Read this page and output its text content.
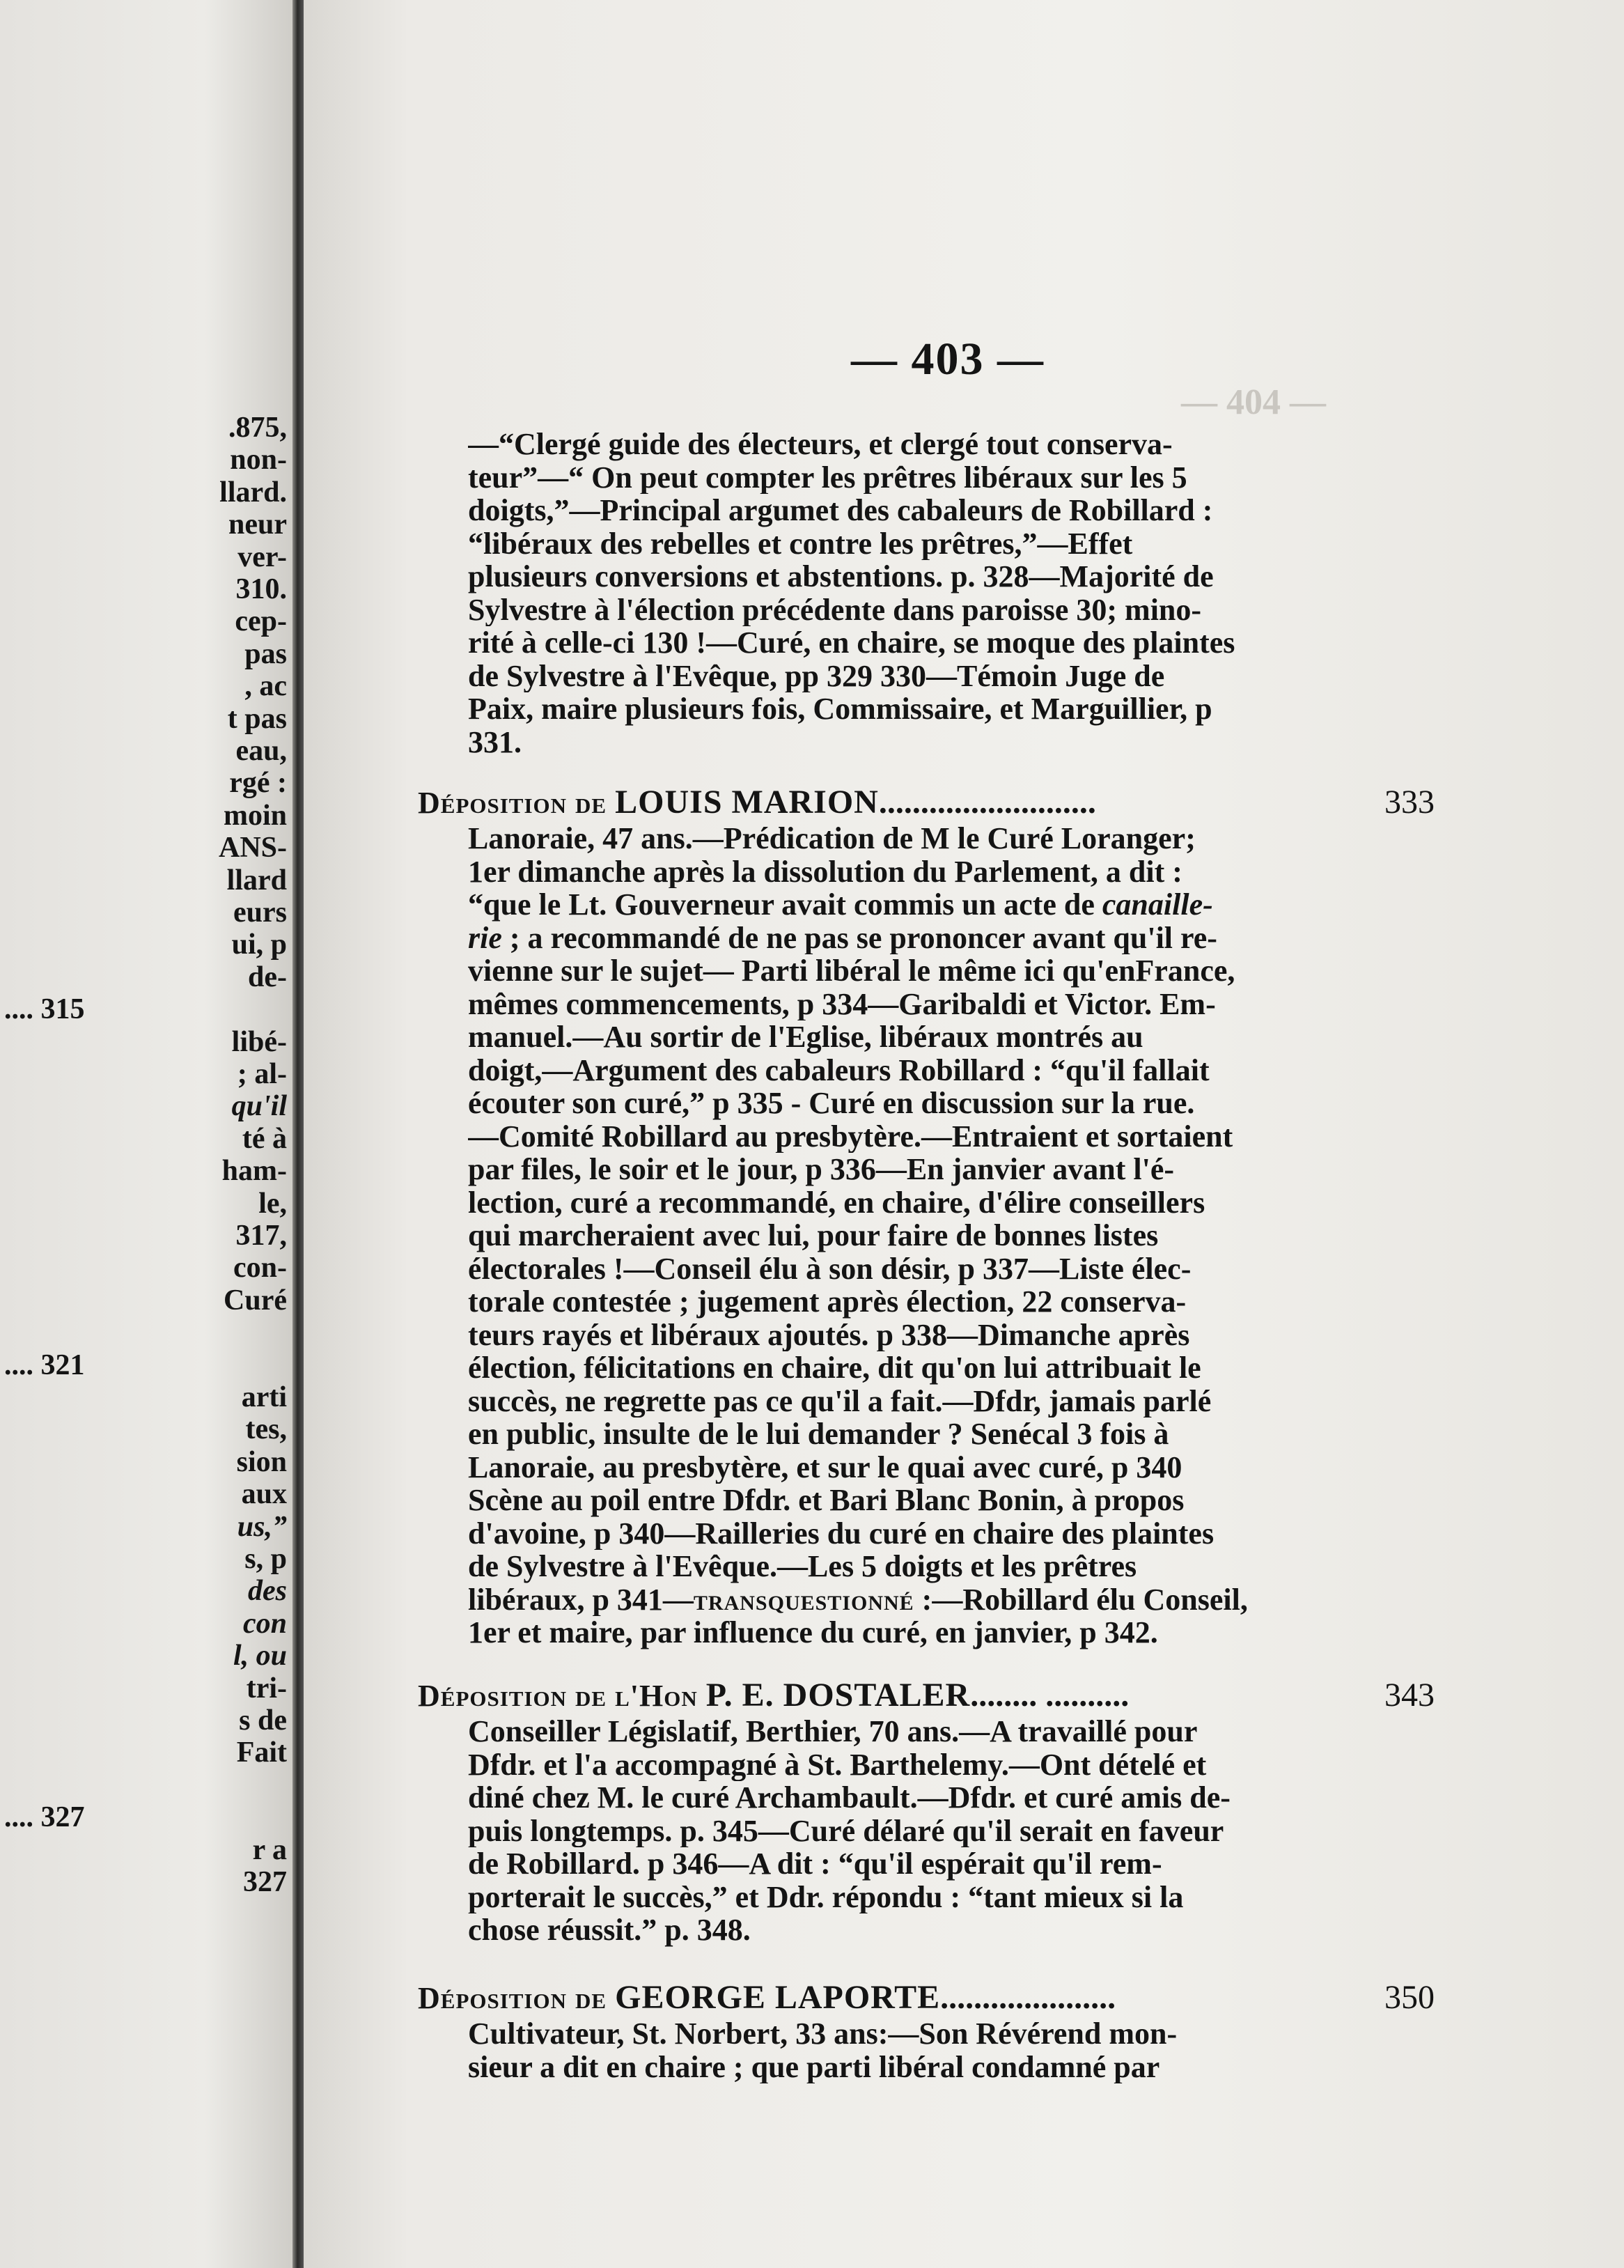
— 404 —
— 403 —
—“Clergé guide des électeurs, et clergé tout conserva-
teur”—“ On peut compter les prêtres libéraux sur les 5
doigts,”—Principal argumet des cabaleurs de Robillard :
“libéraux des rebelles et contre les prêtres,”—Effet
plusieurs conversions et abstentions. p. 328—Majorité de
Sylvestre à l'élection précédente dans paroisse 30; mino-
rité à celle-ci 130 !—Curé, en chaire, se moque des plaintes
de Sylvestre à l'Evêque, pp 329 330—Témoin Juge de
Paix, maire plusieurs fois, Commissaire, et Marguillier, p
331.
Déposition de LOUIS MARION..........................	333
Lanoraie, 47 ans.—Prédication de M le Curé Loranger;
1er dimanche après la dissolution du Parlement, a dit :
“que le Lt. Gouverneur avait commis un acte de canaille-
rie ; a recommandé de ne pas se prononcer avant qu'il re-
vienne sur le sujet— Parti libéral le même ici qu'enFrance,
mêmes commencements, p 334—Garibaldi et Victor. Em-
manuel.—Au sortir de l'Eglise, libéraux montrés au
doigt,—Argument des cabaleurs Robillard : “qu'il fallait
écouter son curé,” p 335 - Curé en discussion sur la rue.
—Comité Robillard au presbytère.—Entraient et sortaient
par files, le soir et le jour, p 336—En janvier avant l'é-
lection, curé a recommandé, en chaire, d'élire conseillers
qui marcheraient avec lui, pour faire de bonnes listes
électorales !—Conseil élu à son désir, p 337—Liste élec-
torale contestée ; jugement après élection, 22 conserva-
teurs rayés et libéraux ajoutés. p 338—Dimanche après
élection, félicitations en chaire, dit qu'on lui attribuait le
succès, ne regrette pas ce qu'il a fait.—Dfdr, jamais parlé
en public, insulte de le lui demander ? Senécal 3 fois à
Lanoraie, au presbytère, et sur le quai avec curé, p 340
Scène au poil entre Dfdr. et Bari Blanc Bonin, à propos
d'avoine, p 340—Railleries du curé en chaire des plaintes
de Sylvestre à l'Evêque.—Les 5 doigts et les prêtres
libéraux, p 341—TRANSQUESTIONNÉ :—Robillard élu Conseil,
1er et maire, par influence du curé, en janvier, p 342.
Déposition de l'Hon P. E. DOSTALER........ ..........	343
Conseiller Législatif, Berthier, 70 ans.—A travaillé pour
Dfdr. et l'a accompagné à St. Barthelemy.—Ont dételé et
diné chez M. le curé Archambault.—Dfdr. et curé amis de-
puis longtemps. p. 345—Curé délaré qu'il serait en faveur
de Robillard. p 346—A dit : “qu'il espérait qu'il rem-
porterait le succès,” et Ddr. répondu : “tant mieux si la
chose réussit.” p. 348.
Déposition de GEORGE LAPORTE.....................	350
Cultivateur, St. Norbert, 33 ans:—Son Révérend mon-
sieur a dit en chaire ; que parti libéral condamné par
.875,
non-
llard.
neur
ver-
310.
cep-
pas
, ac
t pas
eau,
rgé :
moin
ANS-
llard
eurs
ui, p
de-
libé-
; al-
qu'il
té à
ham-
le,
317,
con-
Curé
arti
tes,
sion
aux
us,”
s, p
des
con
l, ou
tri-
s de
Fait
r a
327
.... 315
.... 321
.... 327
